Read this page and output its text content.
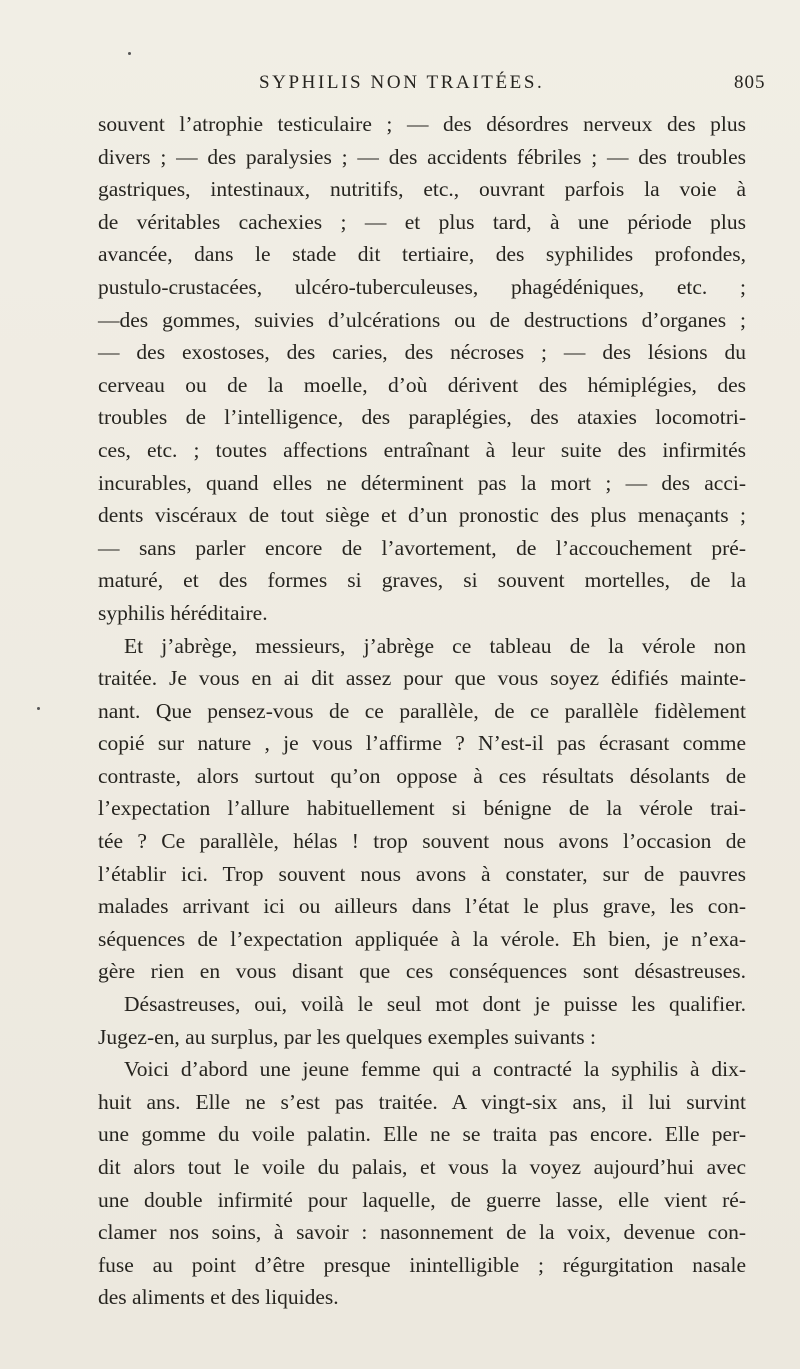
SYPHILIS NON TRAITÉES.	805
souvent l’atrophie testiculaire ; — des désordres nerveux des plus
divers ; — des paralysies ; — des accidents fébriles ; — des troubles
gastriques, intestinaux, nutritifs, etc., ouvrant parfois la voie à
de véritables cachexies ; — et plus tard, à une période plus
avancée, dans le stade dit tertiaire, des syphilides profondes,
pustulo-crustacées, ulcéro-tuberculeuses, phagédéniques, etc. ;
—des gommes, suivies d’ulcérations ou de destructions d’organes ;
— des exostoses, des caries, des nécroses ; — des lésions du
cerveau ou de la moelle, d’où dérivent des hémiplégies, des
troubles de l’intelligence, des paraplégies, des ataxies locomotri-
ces, etc. ; toutes affections entraînant à leur suite des infirmités
incurables, quand elles ne déterminent pas la mort ; — des acci-
dents viscéraux de tout siège et d’un pronostic des plus menaçants ;
— sans parler encore de l’avortement, de l’accouchement pré-
maturé, et des formes si graves, si souvent mortelles, de la
syphilis héréditaire.
Et j’abrège, messieurs, j’abrège ce tableau de la vérole non
traitée. Je vous en ai dit assez pour que vous soyez édifiés mainte-
nant. Que pensez-vous de ce parallèle, de ce parallèle fidèlement
copié sur nature , je vous l’affirme ? N’est-il pas écrasant comme
contraste, alors surtout qu’on oppose à ces résultats désolants de
l’expectation l’allure habituellement si bénigne de la vérole trai-
tée ? Ce parallèle, hélas ! trop souvent nous avons l’occasion de
l’établir ici. Trop souvent nous avons à constater, sur de pauvres
malades arrivant ici ou ailleurs dans l’état le plus grave, les con-
séquences de l’expectation appliquée à la vérole. Eh bien, je n’exa-
gère rien en vous disant que ces conséquences sont désastreuses.
Désastreuses, oui, voilà le seul mot dont je puisse les qualifier.
Jugez-en, au surplus, par les quelques exemples suivants :
Voici d’abord une jeune femme qui a contracté la syphilis à dix-
huit ans. Elle ne s’est pas traitée. A vingt-six ans, il lui survint
une gomme du voile palatin. Elle ne se traita pas encore. Elle per-
dit alors tout le voile du palais, et vous la voyez aujourd’hui avec
une double infirmité pour laquelle, de guerre lasse, elle vient ré-
clamer nos soins, à savoir : nasonnement de la voix, devenue con-
fuse au point d’être presque inintelligible ; régurgitation nasale
des aliments et des liquides.
